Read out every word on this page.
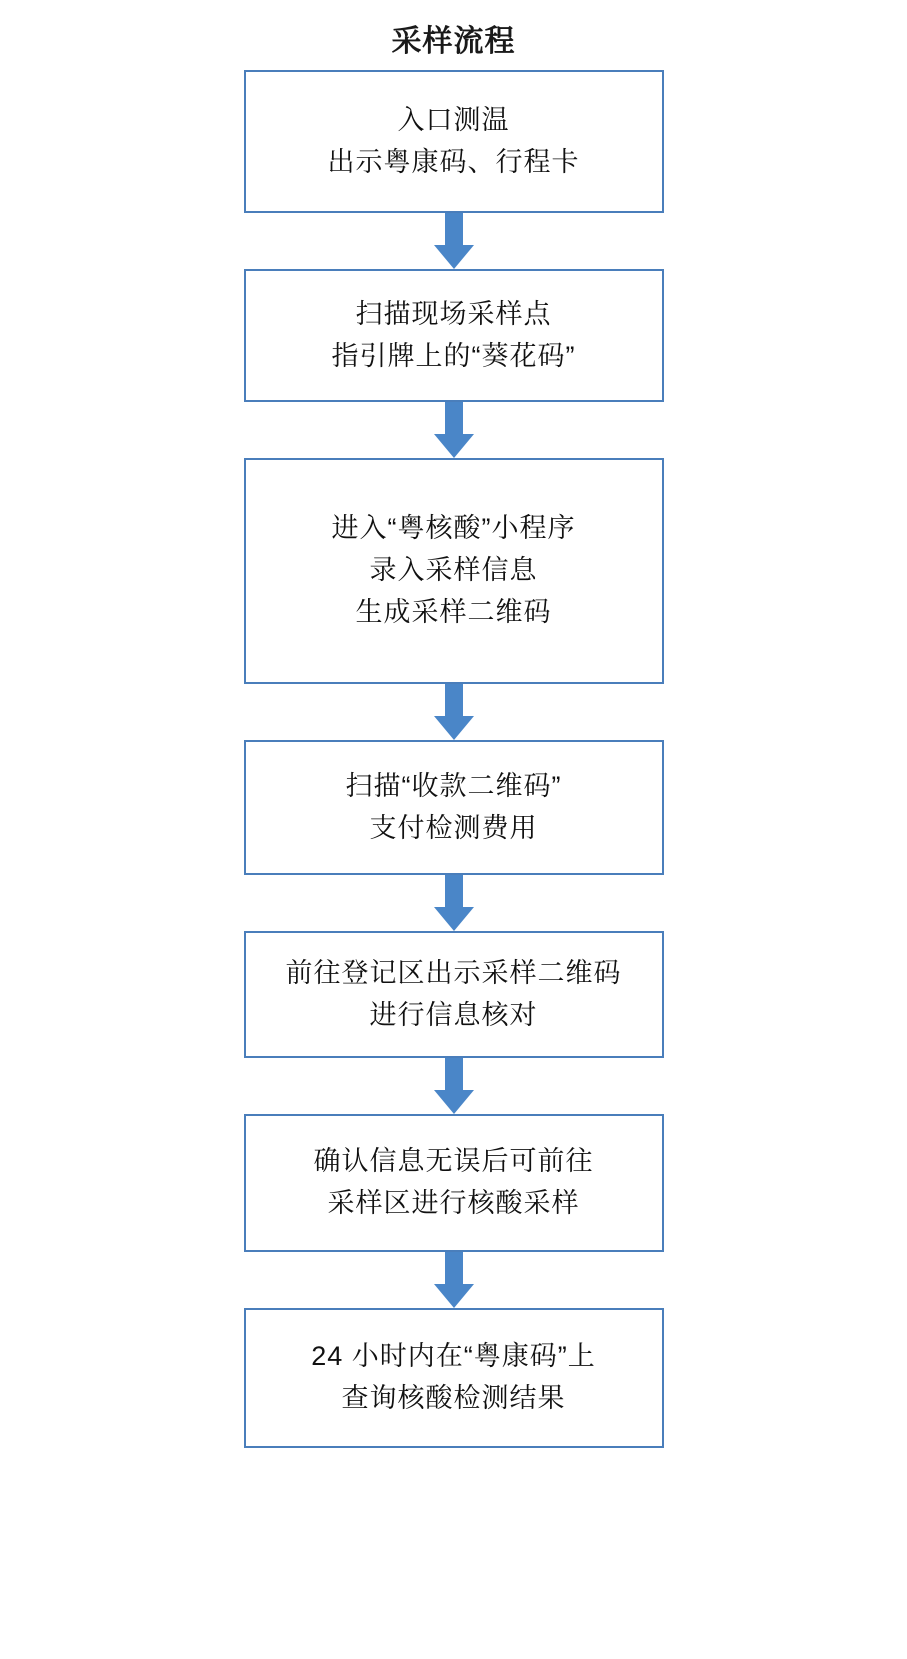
采样流程
入口测温
出示粤康码、行程卡
扫描现场采样点
指引牌上的“葵花码”
进入“粤核酸”小程序
录入采样信息
生成采样二维码
扫描“收款二维码”
支付检测费用
前往登记区出示采样二维码
进行信息核对
确认信息无误后可前往
采样区进行核酸采样
24 小时内在“粤康码”上
查询核酸检测结果
